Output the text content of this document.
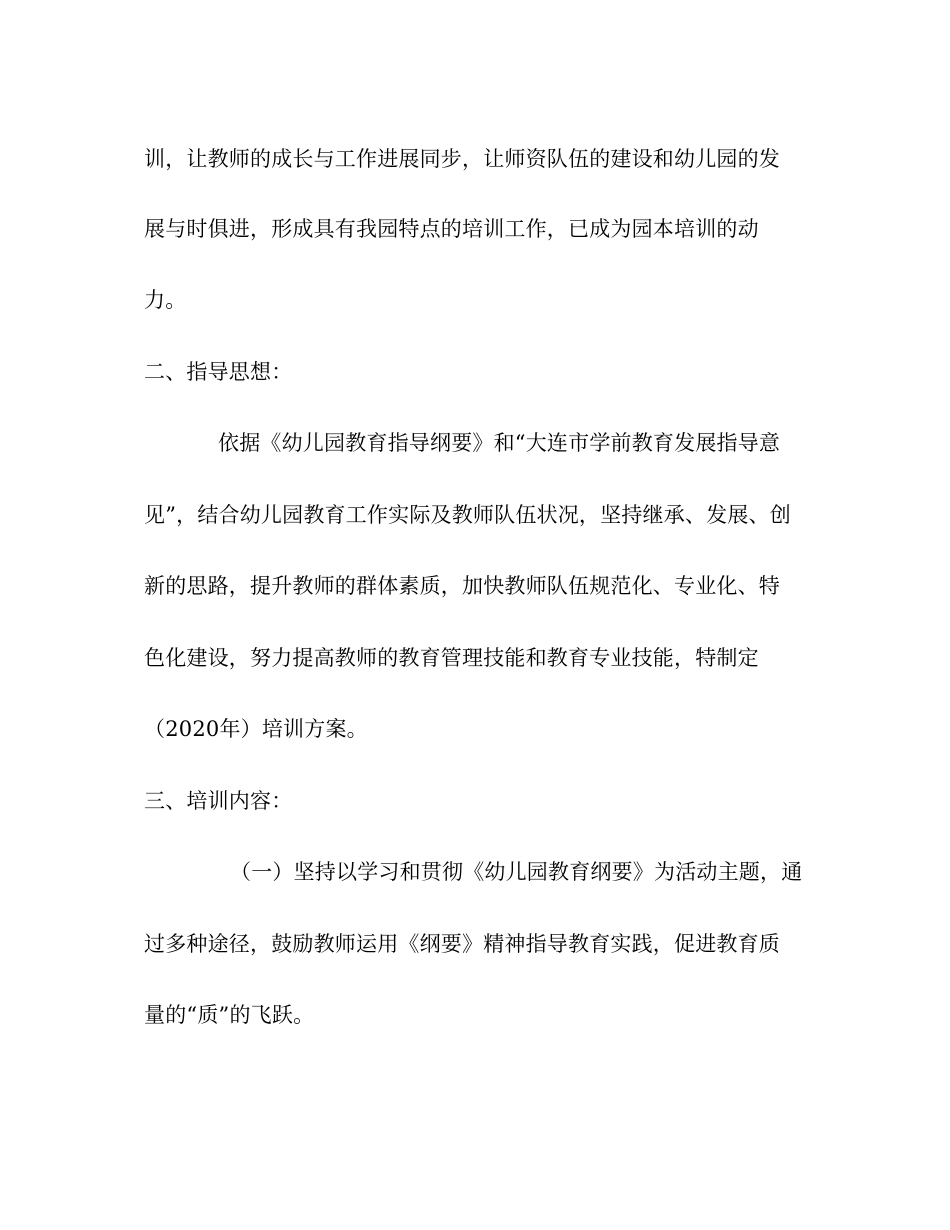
训，让教师的成长与工作进展同步，让师资队伍的建设和幼儿园的发
展与时俱进，形成具有我园特点的培训工作，已成为园本培训的动
力。
二、指导思想：
依据《幼儿园教育指导纲要》和“大连市学前教育发展指导意
见”，结合幼儿园教育工作实际及教师队伍状况，坚持继承、发展、创
新的思路，提升教师的群体素质，加快教师队伍规范化、专业化、特
色化建设，努力提高教师的教育管理技能和教育专业技能，特制定
（2020年）培训方案。
三、培训内容：
（一）坚持以学习和贯彻《幼儿园教育纲要》为活动主题，通
过多种途径，鼓励教师运用《纲要》精神指导教育实践，促进教育质
量的“质”的飞跃。
